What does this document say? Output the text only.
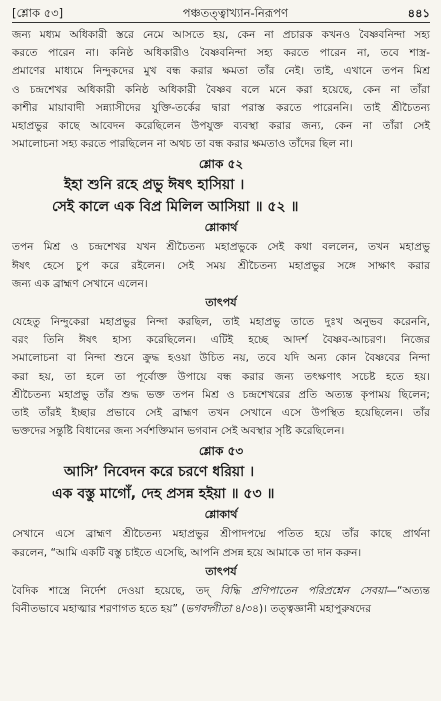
[শ্লোক ৫৩]	পঞ্চতত্ত্বাখ্যান-নিরূপণ	৪৪১

জন্য মধ্যম অধিকারী স্তরে নেমে আসতে হয়, কেন না প্রচারক কখনও বৈষ্ণবনিন্দা সহ্য
করতে পারেন না। কনিষ্ঠ অধিকারীও বৈষ্ণবনিন্দা সহ্য করতে পারেন না, তবে শাস্ত্র-
প্রমাণের মাধ্যমে নিন্দুকদের মুখ বন্ধ করার ক্ষমতা তাঁর নেই। তাই, এখানে তপন মিশ্র
ও চন্দ্রশেখর অধিকারী কনিষ্ঠ অধিকারী বৈষ্ণব বলে মনে করা হয়েছে, কেন না তাঁরা
কাশীর মায়াবাদী সন্ন্যাসীদের যুক্তি-তর্কের দ্বারা পরাস্ত করতে পারেননি। তাই শ্রীচৈতন্য
মহাপ্রভুর কাছে আবেদন করেছিলেন উপযুক্ত ব্যবস্থা করার জন্য, কেন না তাঁরা সেই
সমালোচনা সহ্য করতে পারছিলেন না অথচ তা বন্ধ করার ক্ষমতাও তাঁদের ছিল না।

শ্লোক ৫২
ইহা শুনি রহে প্রভু ঈষৎ হাসিয়া ।
সেই কালে এক বিপ্র মিলিল আসিয়া ॥ ৫২ ॥
শ্লোকার্থ

তপন মিশ্র ও চন্দ্রশেখর যখন শ্রীচৈতন্য মহাপ্রভুকে সেই কথা বললেন, তখন মহাপ্রভু
ঈষৎ হেসে চুপ করে রইলেন। সেই সময় শ্রীচৈতন্য মহাপ্রভুর সঙ্গে সাক্ষাৎ করার
জন্য এক ব্রাহ্মণ সেখানে এলেন।

তাৎপর্য

যেহেতু নিন্দুকেরা মহাপ্রভুর নিন্দা করছিল, তাই মহাপ্রভু তাতে দুঃখ অনুভব করেননি,
বরং তিনি ঈষৎ হাস্য করেছিলেন। এটিই হচ্ছে আদর্শ বৈষ্ণব-আচরণ। নিজের
সমালোচনা বা নিন্দা শুনে ক্রুদ্ধ হওয়া উচিত নয়, তবে যদি অন্য কোন বৈষ্ণবের নিন্দা
করা হয়, তা হলে তা পূর্বোক্ত উপায়ে বন্ধ করার জন্য তৎক্ষণাৎ সচেষ্ট হতে হয়।
শ্রীচৈতন্য মহাপ্রভু তাঁর শুদ্ধ ভক্ত তপন মিশ্র ও চন্দ্রশেখরের প্রতি অত্যন্ত কৃপাময় ছিলেন;
তাই তাঁরই ইচ্ছার প্রভাবে সেই ব্রাহ্মণ তখন সেখানে এসে উপস্থিত হয়েছিলেন। তাঁর
ভক্তদের সন্তুষ্টি বিধানের জন্য সর্বশক্তিমান ভগবান সেই অবস্থার সৃষ্টি করেছিলেন।

শ্লোক ৫৩
আসি’ নিবেদন করে চরণে ধরিয়া ।
এক বস্তু মাগোঁ, দেহ প্রসন্ন হইয়া ॥ ৫৩ ॥
শ্লোকার্থ

সেখানে এসে ব্রাহ্মণ শ্রীচৈতন্য মহাপ্রভুর শ্রীপাদপদ্মে পতিত হয়ে তাঁর কাছে প্রার্থনা
করলেন, “আমি একটি বস্তু চাইতে এসেছি, আপনি প্রসন্ন হয়ে আমাকে তা দান করুন।

তাৎপর্য

বৈদিক শাস্ত্রে নির্দেশ দেওয়া হয়েছে, তদ্ বিদ্ধি প্রণিপাতেন পরিপ্রশ্নেন সেবয়া—“অত্যন্ত
বিনীতভাবে মহাত্মার শরণাগত হতে হয়” (ভগবদ্গীতা ৪/৩৪)। তত্ত্বজ্ঞানী মহাপুরুষদের
